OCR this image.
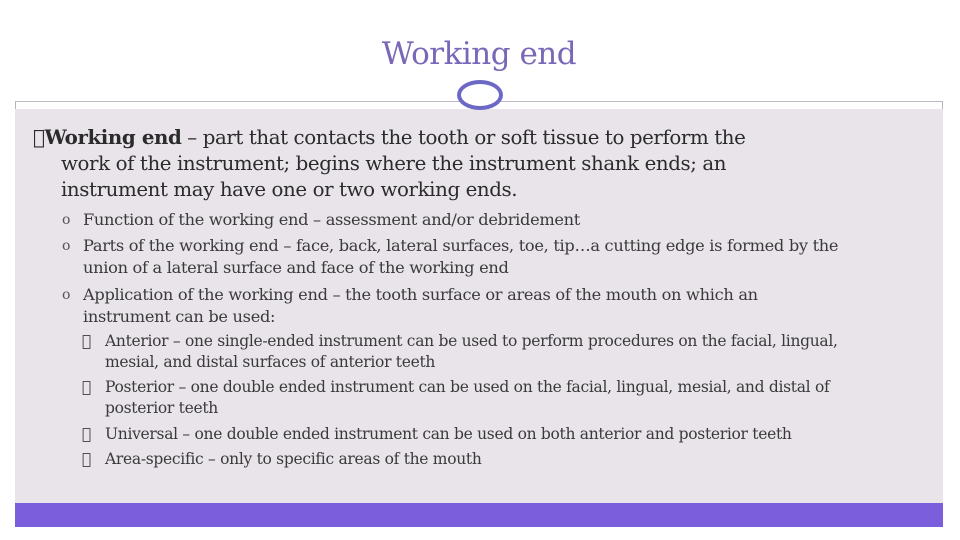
Working end
Working end – part that contacts the tooth or soft tissue to perform the
work of the instrument; begins where the instrument shank ends; an
instrument may have one or two working ends.
o Function of the working end – assessment and/or debridement
o Parts of the working end – face, back, lateral surfaces, toe, tip…a cutting edge is formed by the
union of a lateral surface and face of the working end
o Application of the working end – the tooth surface or areas of the mouth on which an
instrument can be used:
Anterior – one single-ended instrument can be used to perform procedures on the facial, lingual,
mesial, and distal surfaces of anterior teeth
Posterior – one double ended instrument can be used on the facial, lingual, mesial, and distal of
posterior teeth
Universal – one double ended instrument can be used on both anterior and posterior teeth
Area-specific – only to specific areas of the mouth
